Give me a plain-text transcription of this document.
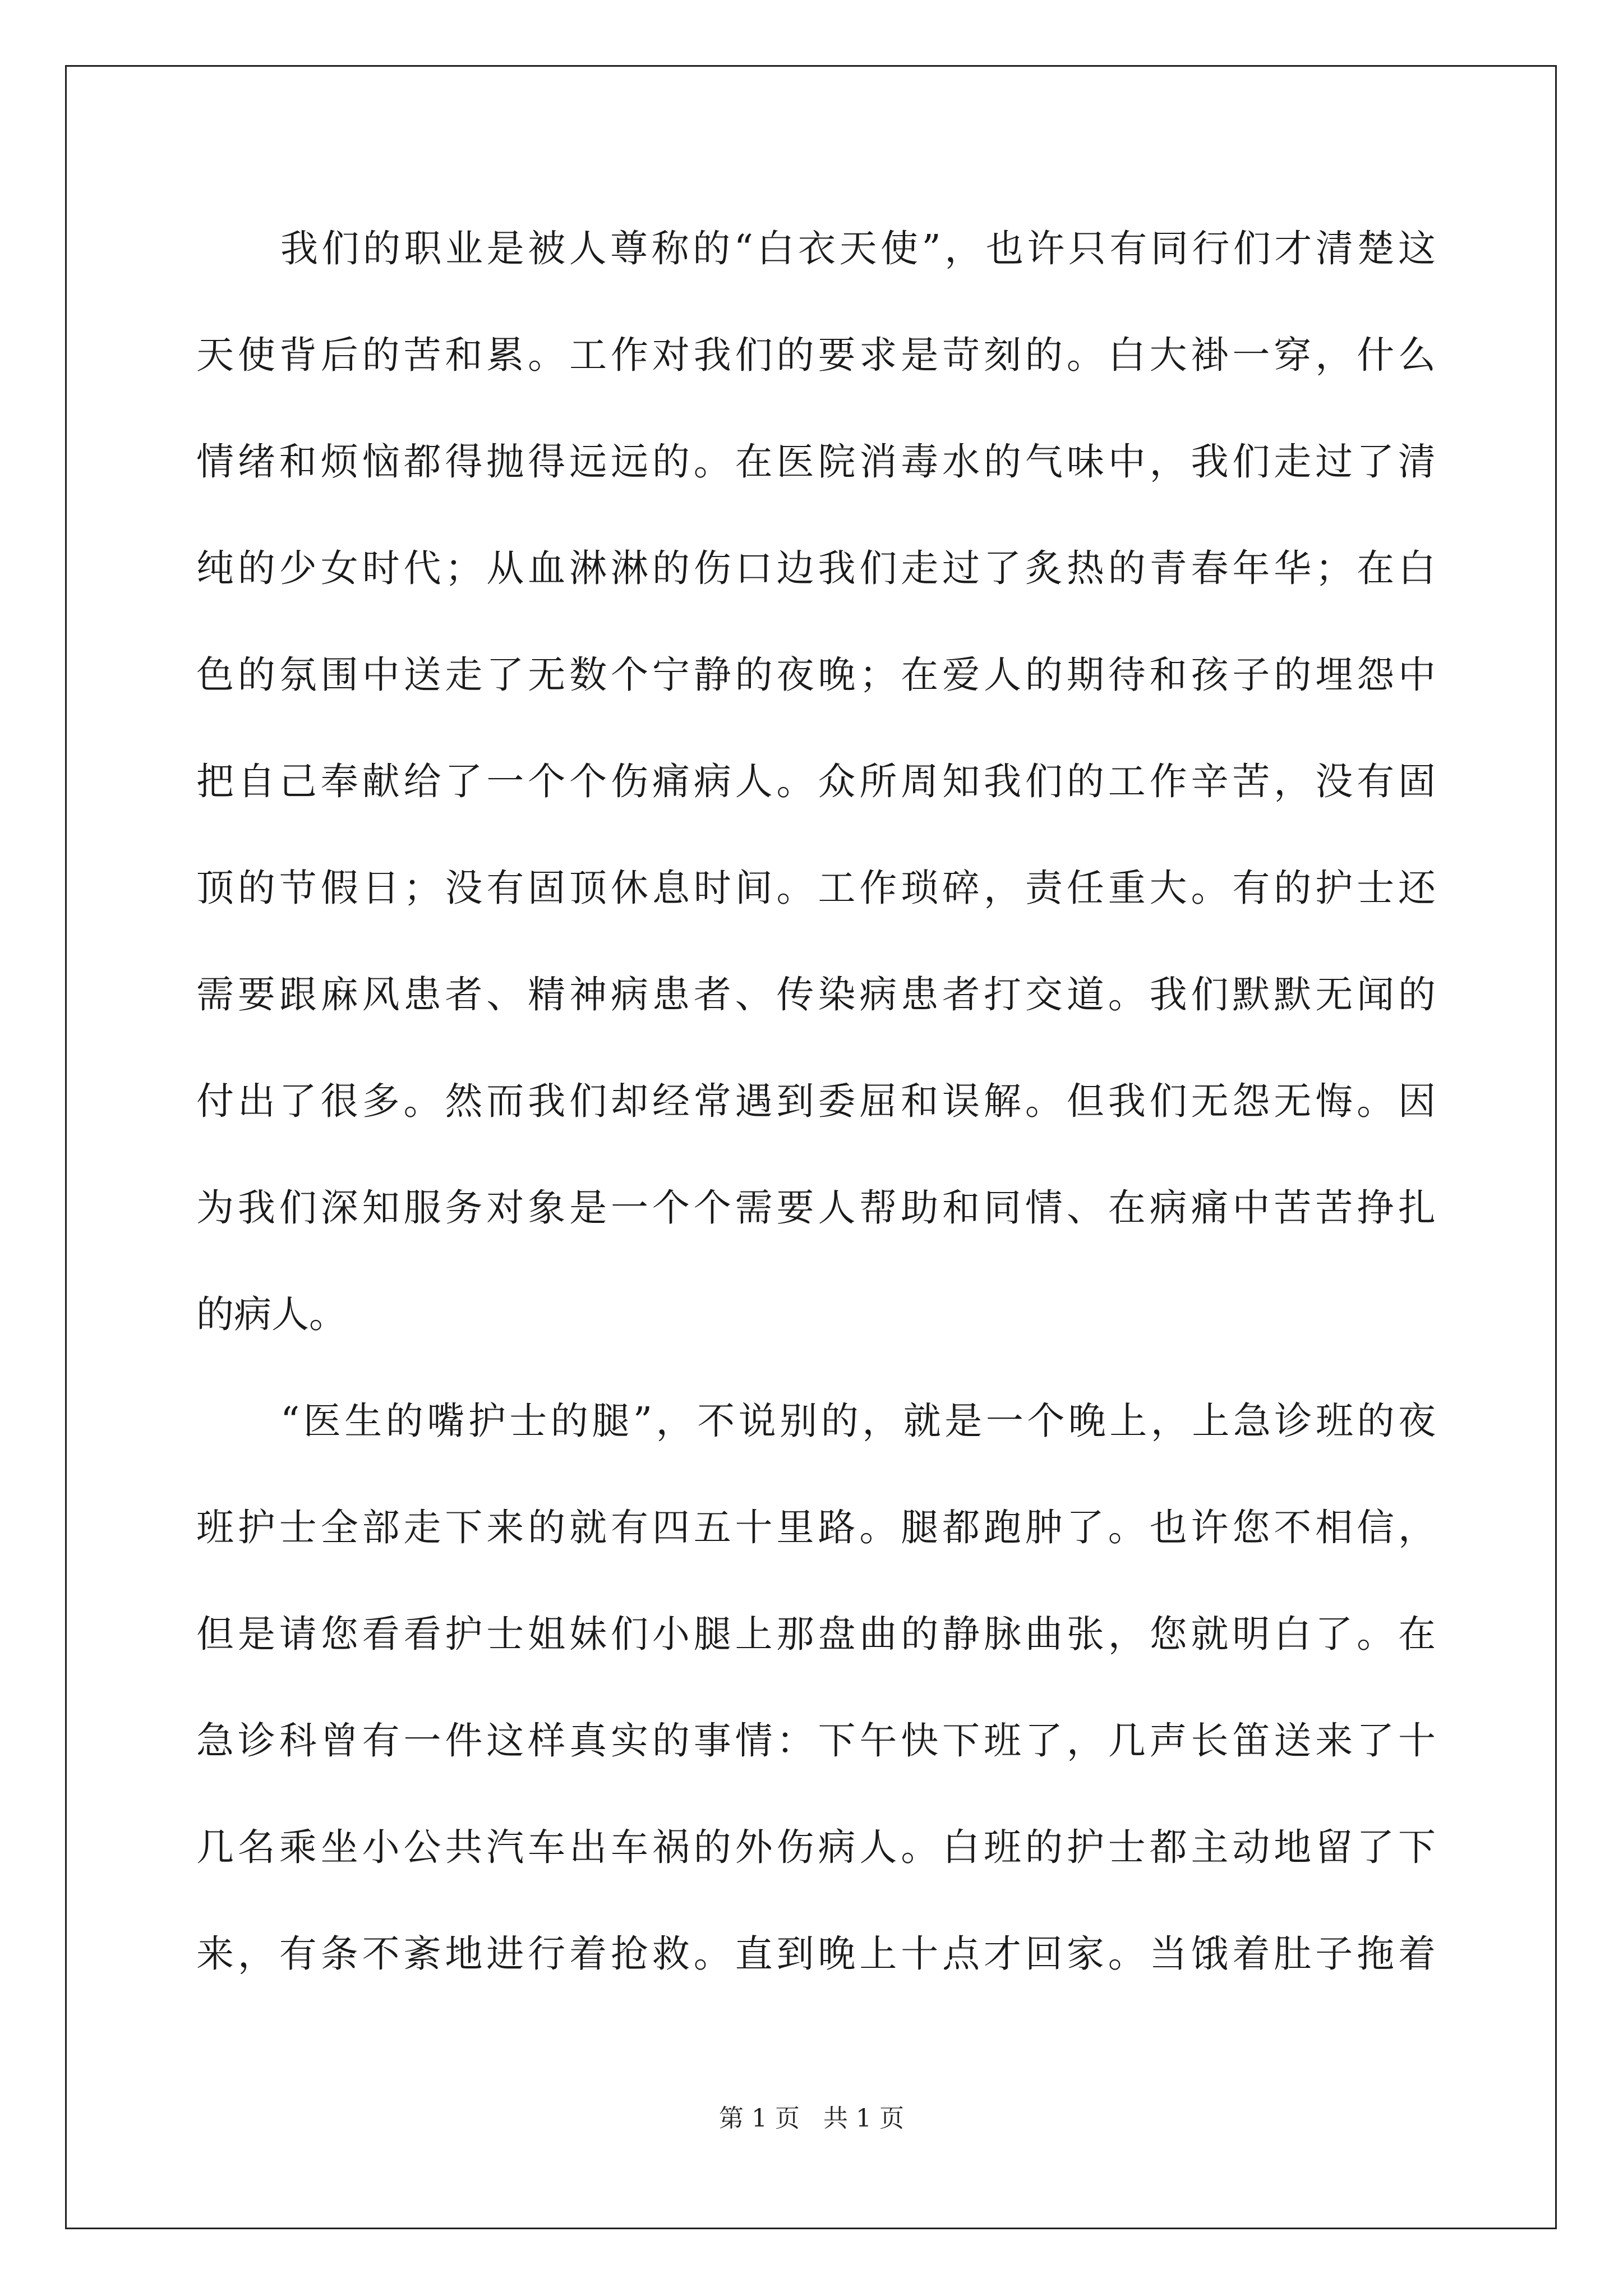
我们的职业是被人尊称的“白衣天使”，也许只有同行们才清楚这
天使背后的苦和累。工作对我们的要求是苛刻的。白大褂一穿，什么
情绪和烦恼都得抛得远远的。在医院消毒水的气味中，我们走过了清
纯的少女时代；从血淋淋的伤口边我们走过了炙热的青春年华；在白
色的氛围中送走了无数个宁静的夜晚；在爱人的期待和孩子的埋怨中
把自己奉献给了一个个伤痛病人。众所周知我们的工作辛苦，没有固
顶的节假日；没有固顶休息时间。工作琐碎，责任重大。有的护士还
需要跟麻风患者、精神病患者、传染病患者打交道。我们默默无闻的
付出了很多。然而我们却经常遇到委屈和误解。但我们无怨无悔。因
为我们深知服务对象是一个个需要人帮助和同情、在病痛中苦苦挣扎
的病人。
“医生的嘴护士的腿”，不说别的，就是一个晚上，上急诊班的夜
班护士全部走下来的就有四五十里路。腿都跑肿了。也许您不相信，
但是请您看看护士姐妹们小腿上那盘曲的静脉曲张，您就明白了。在
急诊科曾有一件这样真实的事情：下午快下班了，几声长笛送来了十
几名乘坐小公共汽车出车祸的外伤病人。白班的护士都主动地留了下
来，有条不紊地进行着抢救。直到晚上十点才回家。当饿着肚子拖着
第 1 页   共 1 页
